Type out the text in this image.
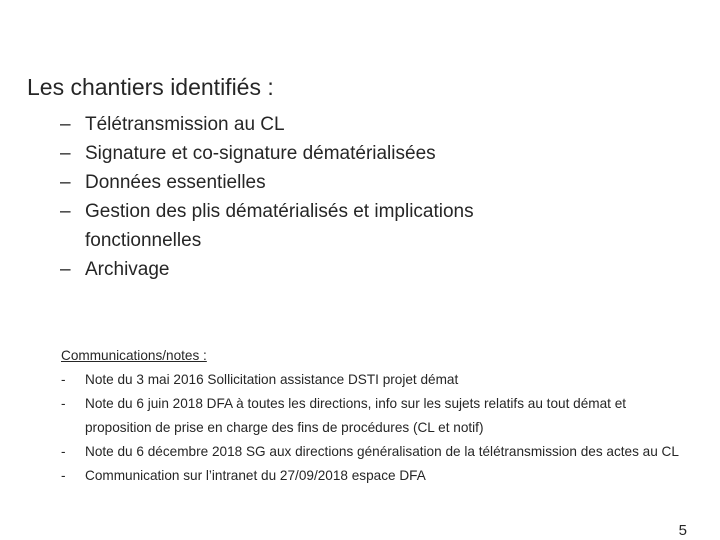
Les chantiers identifiés :
– Télétransmission au CL
– Signature et co-signature dématérialisées
– Données essentielles
– Gestion des plis dématérialisés et implications fonctionnelles
– Archivage
Communications/notes :
- Note du 3 mai 2016 Sollicitation assistance DSTI projet démat
- Note du 6 juin 2018 DFA à toutes les directions, info sur les sujets relatifs au tout démat et proposition de prise en charge des fins de procédures (CL et notif)
- Note du 6 décembre 2018 SG aux directions généralisation de la télétransmission des actes au CL
- Communication sur l’intranet du 27/09/2018 espace DFA
5
